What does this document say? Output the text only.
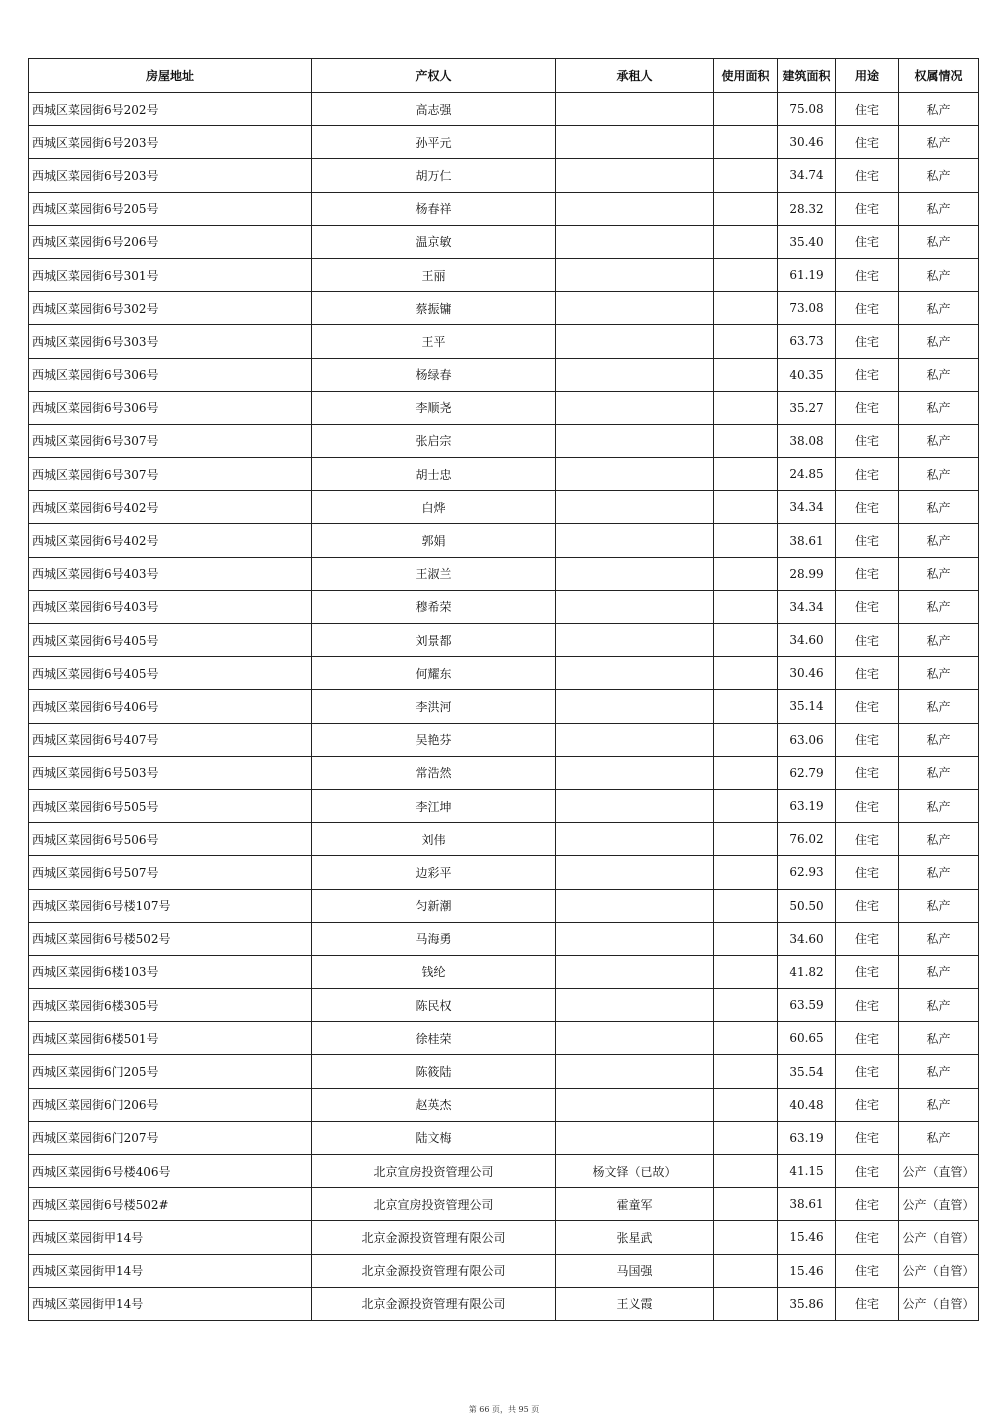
房屋地址	产权人	承租人	使用面积	建筑面积	用途	权属情况
西城区菜园街6号202号	高志强			75.08	住宅	私产
西城区菜园街6号203号	孙平元			30.46	住宅	私产
西城区菜园街6号203号	胡万仁			34.74	住宅	私产
西城区菜园街6号205号	杨春祥			28.32	住宅	私产
西城区菜园街6号206号	温京敏			35.40	住宅	私产
西城区菜园街6号301号	王丽			61.19	住宅	私产
西城区菜园街6号302号	蔡振镛			73.08	住宅	私产
西城区菜园街6号303号	王平			63.73	住宅	私产
西城区菜园街6号306号	杨绿春			40.35	住宅	私产
西城区菜园街6号306号	李顺尧			35.27	住宅	私产
西城区菜园街6号307号	张启宗			38.08	住宅	私产
西城区菜园街6号307号	胡士忠			24.85	住宅	私产
西城区菜园街6号402号	白烨			34.34	住宅	私产
西城区菜园街6号402号	郭娟			38.61	住宅	私产
西城区菜园街6号403号	王淑兰			28.99	住宅	私产
西城区菜园街6号403号	穆希荣			34.34	住宅	私产
西城区菜园街6号405号	刘景都			34.60	住宅	私产
西城区菜园街6号405号	何耀东			30.46	住宅	私产
西城区菜园街6号406号	李洪河			35.14	住宅	私产
西城区菜园街6号407号	吴艳芬			63.06	住宅	私产
西城区菜园街6号503号	常浩然			62.79	住宅	私产
西城区菜园街6号505号	李江坤			63.19	住宅	私产
西城区菜园街6号506号	刘伟			76.02	住宅	私产
西城区菜园街6号507号	边彩平			62.93	住宅	私产
西城区菜园街6号楼107号	匀新潮			50.50	住宅	私产
西城区菜园街6号楼502号	马海勇			34.60	住宅	私产
西城区菜园街6楼103号	钱纶			41.82	住宅	私产
西城区菜园街6楼305号	陈民权			63.59	住宅	私产
西城区菜园街6楼501号	徐桂荣			60.65	住宅	私产
西城区菜园街6门205号	陈筱陆			35.54	住宅	私产
西城区菜园街6门206号	赵英杰			40.48	住宅	私产
西城区菜园街6门207号	陆文梅			63.19	住宅	私产
西城区菜园街6号楼406号	北京宣房投资管理公司	杨文铎（已故）		41.15	住宅	公产（直管）
西城区菜园街6号楼502#	北京宣房投资管理公司	霍童军		38.61	住宅	公产（直管）
西城区菜园街甲14号	北京金源投资管理有限公司	张星武		15.46	住宅	公产（自管）
西城区菜园街甲14号	北京金源投资管理有限公司	马国强		15.46	住宅	公产（自管）
西城区菜园街甲14号	北京金源投资管理有限公司	王义霞		35.86	住宅	公产（自管）
第 66 页，共 95 页
